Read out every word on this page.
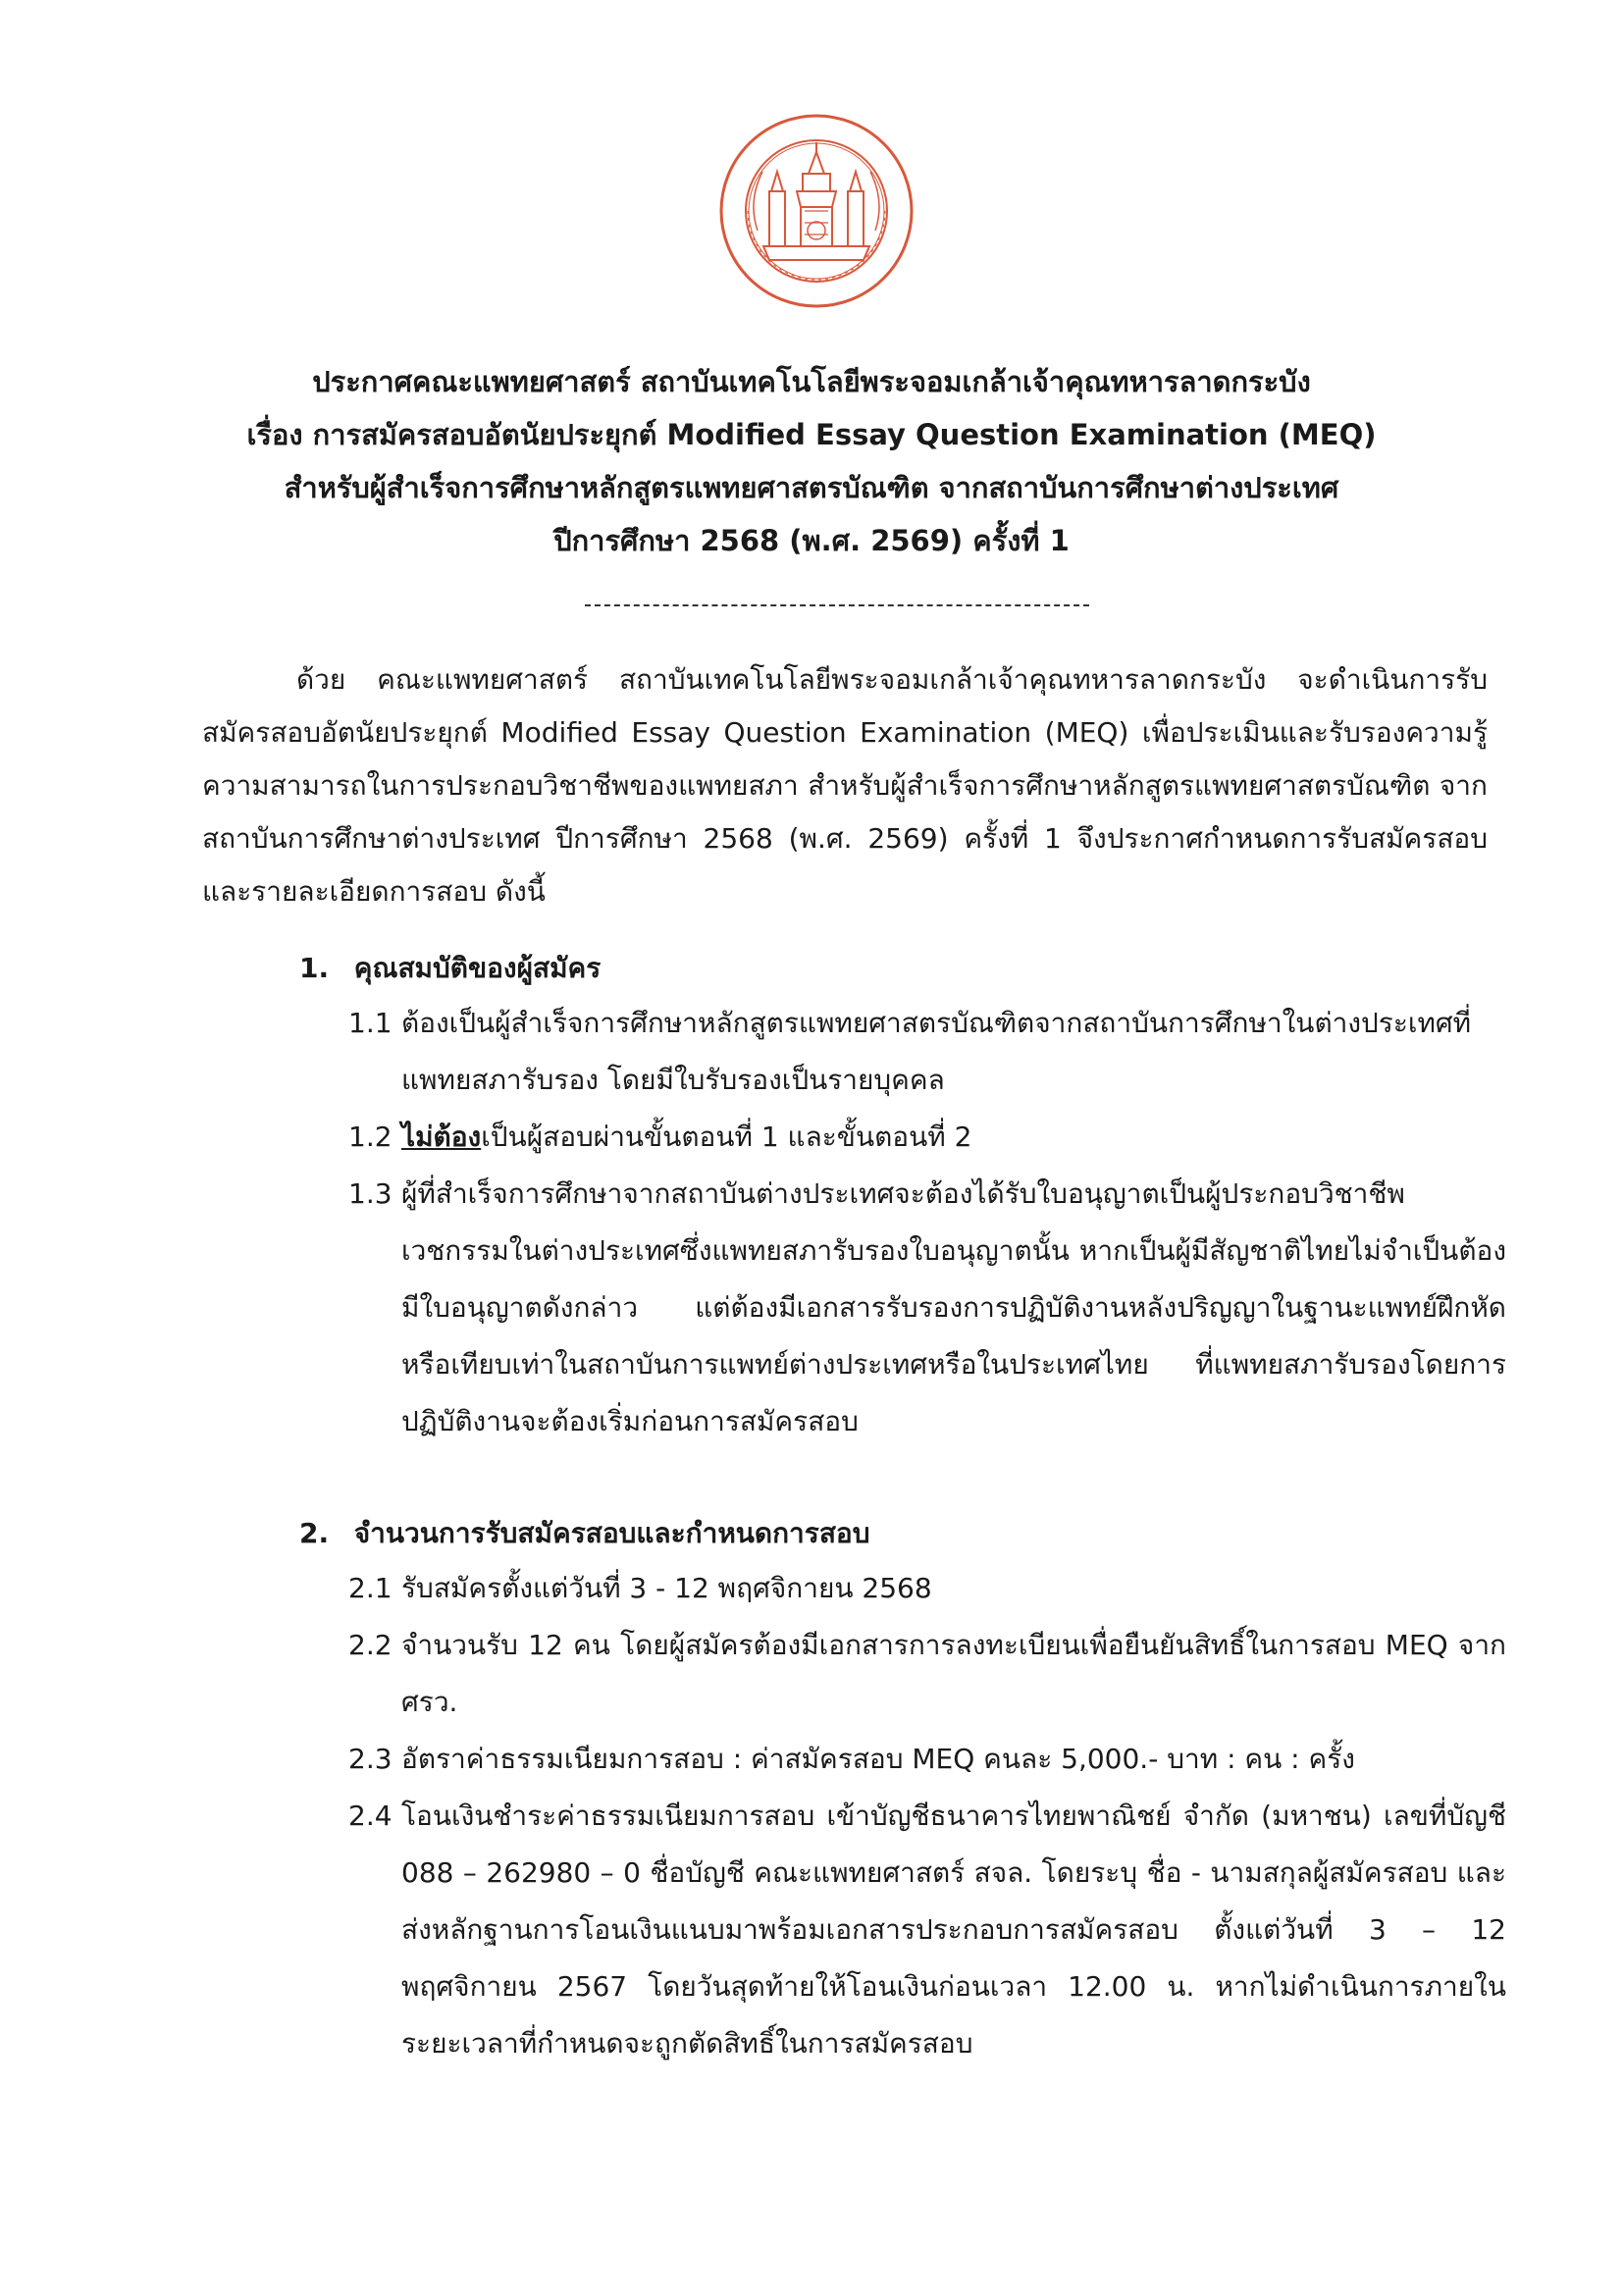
ประกาศคณะแพทยศาสตร์ สถาบันเทคโนโลยีพระจอมเกล้าเจ้าคุณทหารลาดกระบัง
เรื่อง การสมัครสอบอัตนัยประยุกต์ Modified Essay Question Examination (MEQ)
สำหรับผู้สำเร็จการศึกษาหลักสูตรแพทยศาสตรบัณฑิต จากสถาบันการศึกษาต่างประเทศ
ปีการศึกษา 2568 (พ.ศ. 2569) ครั้งที่ 1

ด้วย คณะแพทยศาสตร์ สถาบันเทคโนโลยีพระจอมเกล้าเจ้าคุณทหารลาดกระบัง จะดำเนินการรับสมัครสอบอัตนัยประยุกต์ Modified Essay Question Examination (MEQ) เพื่อประเมินและรับรองความรู้ความสามารถในการประกอบวิชาชีพของแพทยสภา สำหรับผู้สำเร็จการศึกษาหลักสูตรแพทยศาสตรบัณฑิต จากสถาบันการศึกษาต่างประเทศ ปีการศึกษา 2568 (พ.ศ. 2569) ครั้งที่ 1 จึงประกาศกำหนดการรับสมัครสอบและรายละเอียดการสอบ ดังนี้

1. คุณสมบัติของผู้สมัคร
1.1 ต้องเป็นผู้สำเร็จการศึกษาหลักสูตรแพทยศาสตรบัณฑิตจากสถาบันการศึกษาในต่างประเทศที่แพทยสภารับรอง โดยมีใบรับรองเป็นรายบุคคล
1.2 ไม่ต้องเป็นผู้สอบผ่านขั้นตอนที่ 1 และขั้นตอนที่ 2
1.3 ผู้ที่สำเร็จการศึกษาจากสถาบันต่างประเทศจะต้องได้รับใบอนุญาตเป็นผู้ประกอบวิชาชีพเวชกรรมในต่างประเทศซึ่งแพทยสภารับรองใบอนุญาตนั้น หากเป็นผู้มีสัญชาติไทยไม่จำเป็นต้องมีใบอนุญาตดังกล่าว แต่ต้องมีเอกสารรับรองการปฏิบัติงานหลังปริญญาในฐานะแพทย์ฝึกหัดหรือเทียบเท่าในสถาบันการแพทย์ต่างประเทศหรือในประเทศไทย ที่แพทยสภารับรองโดยการปฏิบัติงานจะต้องเริ่มก่อนการสมัครสอบ
2. จำนวนการรับสมัครสอบและกำหนดการสอบ
2.1 รับสมัครตั้งแต่วันที่ 3 - 12 พฤศจิกายน 2568
2.2 จำนวนรับ 12 คน โดยผู้สมัครต้องมีเอกสารการลงทะเบียนเพื่อยืนยันสิทธิ์ในการสอบ MEQ จาก ศรว.
2.3 อัตราค่าธรรมเนียมการสอบ : ค่าสมัครสอบ MEQ คนละ 5,000.- บาท : คน : ครั้ง
2.4 โอนเงินชำระค่าธรรมเนียมการสอบ เข้าบัญชีธนาคารไทยพาณิชย์ จำกัด (มหาชน) เลขที่บัญชี 088 – 262980 – 0 ชื่อบัญชี คณะแพทยศาสตร์ สจล. โดยระบุ ชื่อ - นามสกุลผู้สมัครสอบ และส่งหลักฐานการโอนเงินแนบมาพร้อมเอกสารประกอบการสมัครสอบ ตั้งแต่วันที่ 3 – 12 พฤศจิกายน 2567 โดยวันสุดท้ายให้โอนเงินก่อนเวลา 12.00 น. หากไม่ดำเนินการภายในระยะเวลาที่กำหนดจะถูกตัดสิทธิ์ในการสมัครสอบ
